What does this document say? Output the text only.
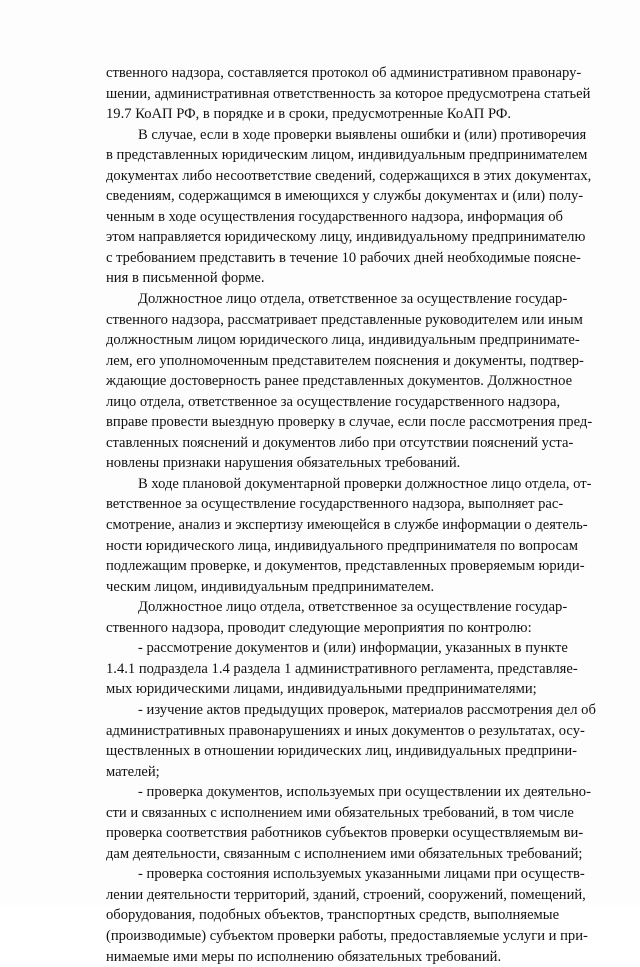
ственного надзора, составляется протокол об административном правонару-
шении, административная ответственность за которое предусмотрена статьей
19.7 КоАП РФ, в порядке и в сроки, предусмотренные КоАП РФ.

В случае, если в ходе проверки выявлены ошибки и (или) противоречия
в представленных юридическим лицом, индивидуальным предпринимателем
документах либо несоответствие сведений, содержащихся в этих документах,
сведениям, содержащимся в имеющихся у службы документах и (или) полу-
ченным в ходе осуществления государственного надзора, информация об
этом направляется юридическому лицу, индивидуальному предпринимателю
с требованием представить в течение 10 рабочих дней необходимые поясне-
ния в письменной форме.

Должностное лицо отдела, ответственное за осуществление государ-
ственного надзора, рассматривает представленные руководителем или иным
должностным лицом юридического лица, индивидуальным предпринимате-
лем, его уполномоченным представителем пояснения и документы, подтвер-
ждающие достоверность ранее представленных документов. Должностное
лицо отдела, ответственное за осуществление государственного надзора,
вправе провести выездную проверку в случае, если после рассмотрения пред-
ставленных пояснений и документов либо при отсутствии пояснений уста-
новлены признаки нарушения обязательных требований.

В ходе плановой документарной проверки должностное лицо отдела, от-
ветственное за осуществление государственного надзора, выполняет рас-
смотрение, анализ и экспертизу имеющейся в службе информации о деятель-
ности юридического лица, индивидуального предпринимателя по вопросам
подлежащим проверке, и документов, представленных проверяемым юриди-
ческим лицом, индивидуальным предпринимателем.

Должностное лицо отдела, ответственное за осуществление государ-
ственного надзора, проводит следующие мероприятия по контролю:

- рассмотрение документов и (или) информации, указанных в пункте
1.4.1 подраздела 1.4 раздела 1 административного регламента, представляе-
мых юридическими лицами, индивидуальными предпринимателями;

- изучение актов предыдущих проверок, материалов рассмотрения дел об
административных правонарушениях и иных документов о результатах, осу-
ществленных в отношении юридических лиц, индивидуальных предприни-
мателей;

- проверка документов, используемых при осуществлении их деятельно-
сти и связанных с исполнением ими обязательных требований, в том числе
проверка соответствия работников субъектов проверки осуществляемым ви-
дам деятельности, связанным с исполнением ими обязательных требований;

- проверка состояния используемых указанными лицами при осуществ-
лении деятельности территорий, зданий, строений, сооружений, помещений,
оборудования, подобных объектов, транспортных средств, выполняемые
(производимые) субъектом проверки работы, предоставляемые услуги и при-
нимаемые ими меры по исполнению обязательных требований.
